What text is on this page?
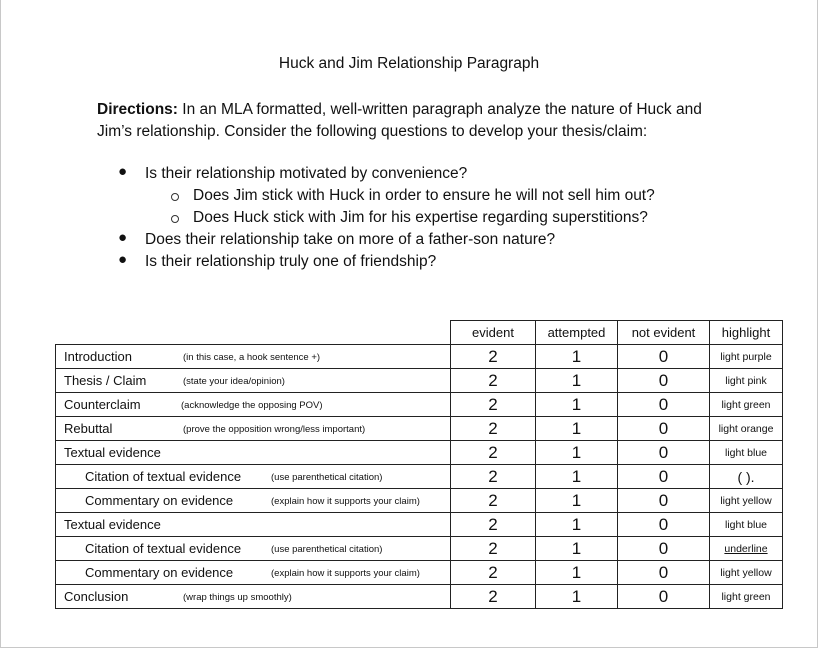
Huck and Jim Relationship Paragraph
Directions: In an MLA formatted, well-written paragraph analyze the nature of Huck and Jim’s relationship. Consider the following questions to develop your thesis/claim:
● Is their relationship motivated by convenience?
Does Jim stick with Huck in order to ensure he will not sell him out?
Does Huck stick with Jim for his expertise regarding superstitions?
● Does their relationship take on more of a father-son nature?
● Is their relationship truly one of friendship?
	evident	attempted	not evident	highlight

Introduction (in this case, a hook sentence +)	2	1	0	light purple

Thesis / Claim (state your idea/opinion)	2	1	0	light pink

Counterclaim (acknowledge the opposing POV)	2	1	0	light green

Rebuttal (prove the opposition wrong/less important)	2	1	0	light orange

Textual evidence	2	1	0	light blue

Citation of textual evidence (use parenthetical citation)	2	1	0	( ).

Commentary on evidence (explain how it supports your claim)	2	1	0	light yellow

Textual evidence	2	1	0	light blue

Citation of textual evidence (use parenthetical citation)	2	1	0	underline

Commentary on evidence (explain how it supports your claim)	2	1	0	light yellow

Conclusion (wrap things up smoothly)	2	1	0	light green
